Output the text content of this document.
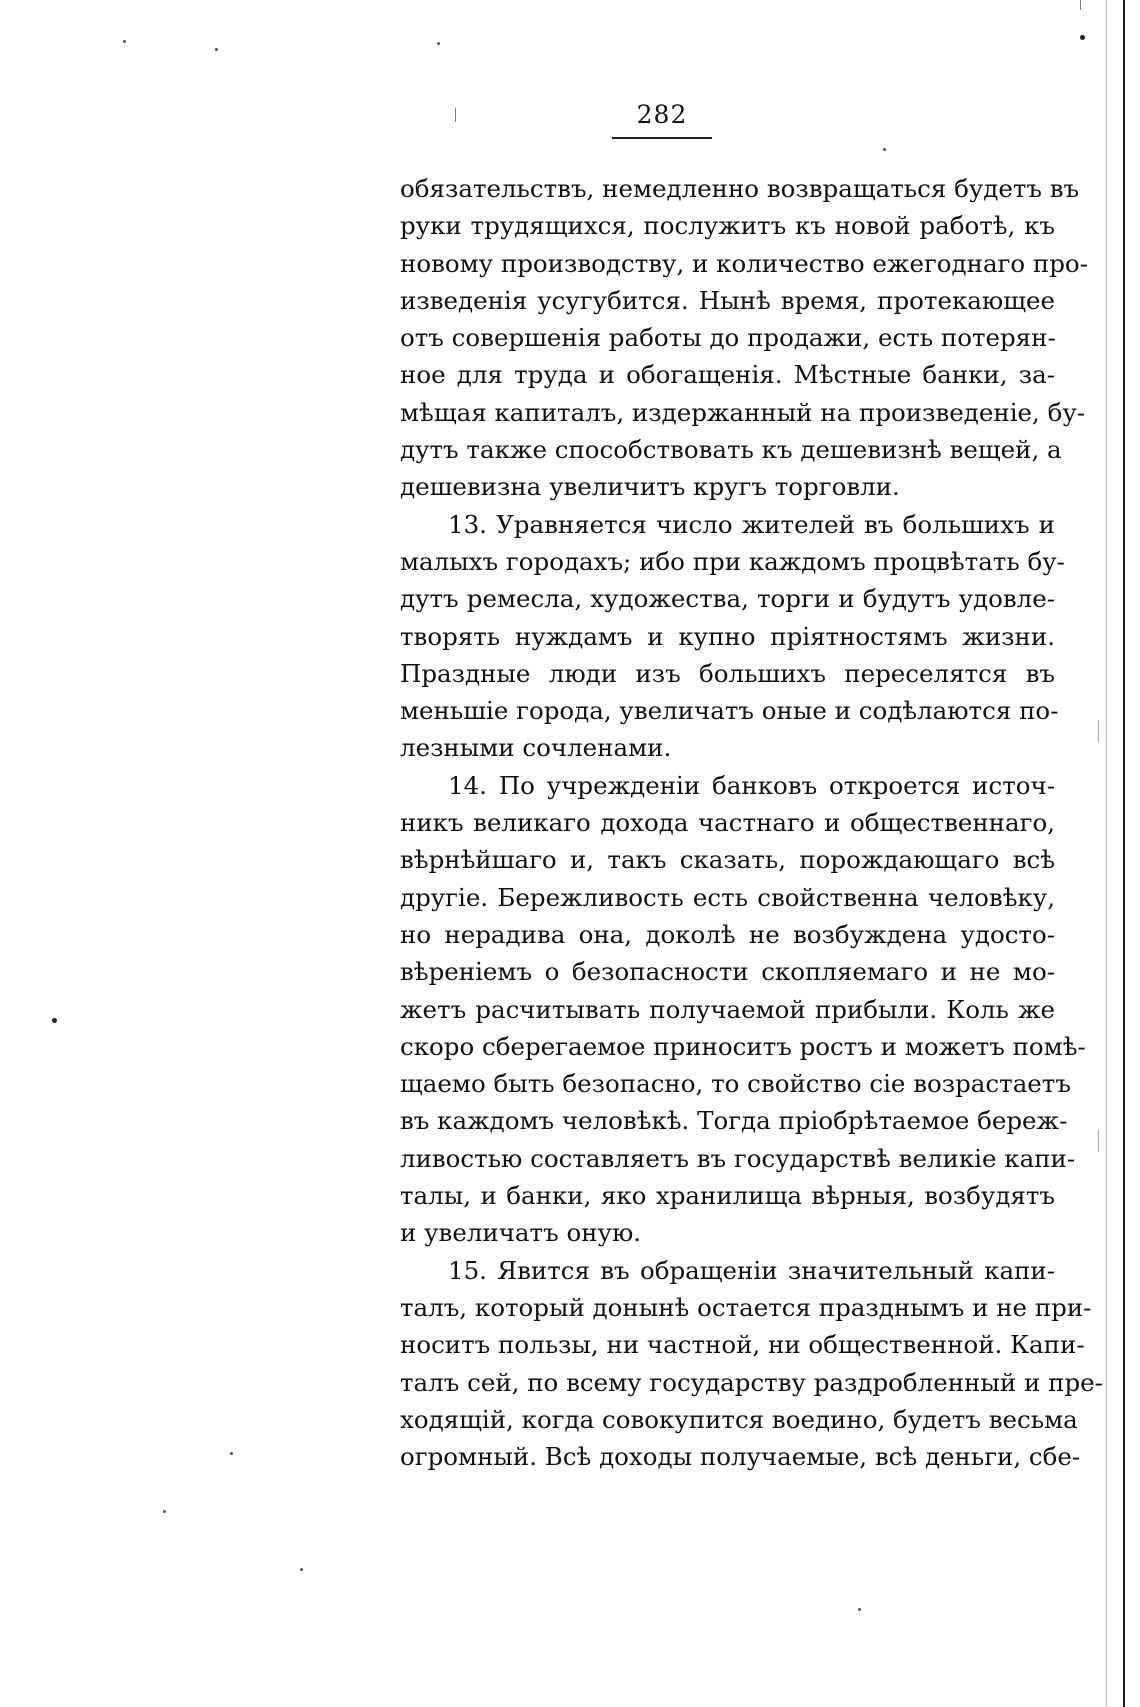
282
обязательствъ, немедленно возвращаться будетъ въ
руки трудящихся, послужитъ къ новой работѣ, къ
новому производству, и количество ежегоднаго про-
изведенія усугубится. Нынѣ время, протекающее
отъ совершенія работы до продажи, есть потерян-
ное для труда и обогащенія. Мѣстные банки, за-
мѣщая капиталъ, издержанный на произведеніе, бу-
дутъ также способствовать къ дешевизнѣ вещей, а
дешевизна увеличитъ кругъ торговли.
13. Уравняется число жителей въ большихъ и
малыхъ городахъ; ибо при каждомъ процвѣтать бу-
дутъ ремесла, художества, торги и будутъ удовле-
творять нуждамъ и купно пріятностямъ жизни.
Праздные люди изъ большихъ переселятся въ
меньшіе города, увеличатъ оные и содѣлаются по-
лезными сочленами.
14. По учрежденіи банковъ откроется источ-
никъ великаго дохода частнаго и общественнаго,
вѣрнѣйшаго и, такъ сказать, порождающаго всѣ
другіе. Бережливость есть свойственна человѣку,
но нерадива она, доколѣ не возбуждена удосто-
вѣреніемъ о безопасности скопляемаго и не мо-
жетъ расчитывать получаемой прибыли. Коль же
скоро сберегаемое приноситъ ростъ и можетъ помѣ-
щаемо быть безопасно, то свойство сіе возрастаетъ
въ каждомъ человѣкѣ. Тогда пріобрѣтаемое береж-
ливостью составляетъ въ государствѣ великіе капи-
талы, и банки, яко хранилища вѣрныя, возбудятъ
и увеличатъ оную.
15. Явится въ обращеніи значительный капи-
талъ, который донынѣ остается празднымъ и не при-
носитъ пользы, ни частной, ни общественной. Капи-
талъ сей, по всему государству раздробленный и пре-
ходящій, когда совокупится воедино, будетъ весьма
огромный. Всѣ доходы получаемые, всѣ деньги, сбе-
